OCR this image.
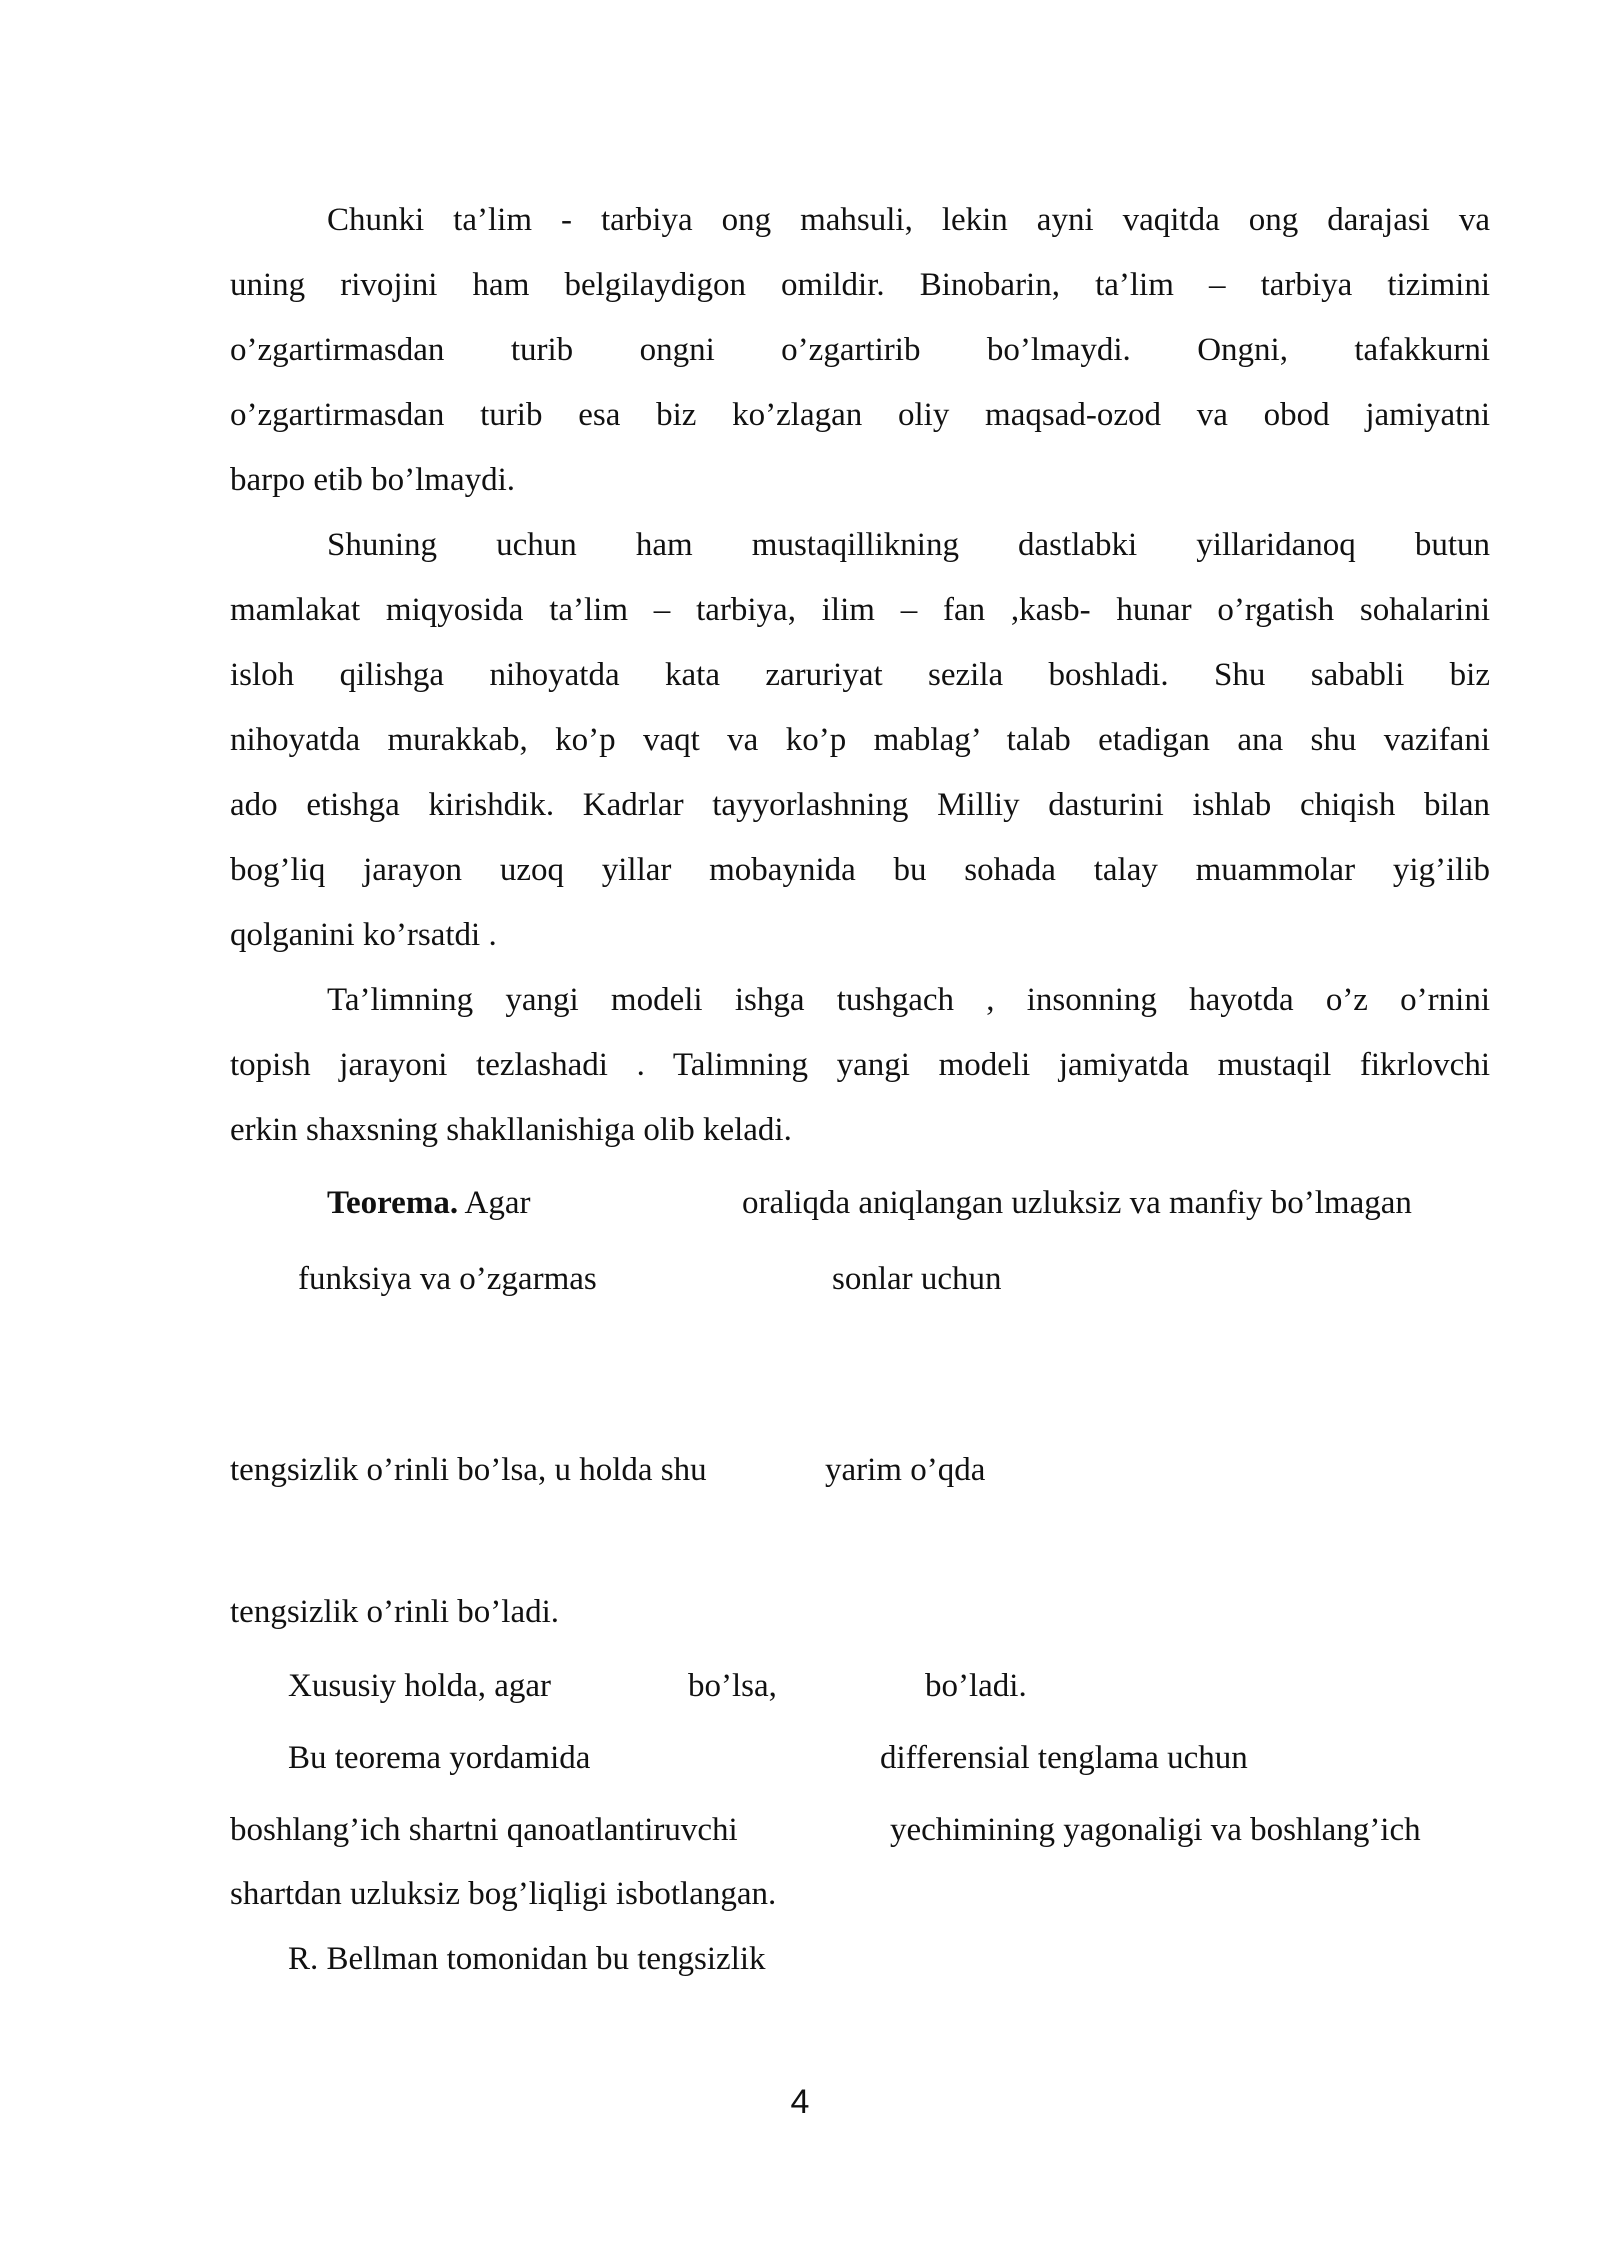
Chunki ta’lim - tarbiya ong mahsuli, lekin ayni vaqitda ong darajasi va
uning rivojini ham belgilaydigon omildir. Binobarin, ta’lim – tarbiya tizimini
o’zgartirmasdan turib ongni o’zgartirib bo’lmaydi. Ongni, tafakkurni
o’zgartirmasdan turib esa biz ko’zlagan oliy maqsad-ozod va obod jamiyatni
barpo etib bo’lmaydi.
Shuning uchun ham mustaqillikning dastlabki yillaridanoq butun
mamlakat miqyosida ta’lim – tarbiya, ilim – fan ,kasb- hunar o’rgatish sohalarini
isloh qilishga nihoyatda kata zaruriyat sezila boshladi. Shu sababli biz
nihoyatda murakkab, ko’p vaqt va ko’p mablag’ talab etadigan ana shu vazifani
ado etishga kirishdik. Kadrlar tayyorlashning Milliy dasturini ishlab chiqish bilan
bog’liq jarayon uzoq yillar mobaynida bu sohada talay muammolar yig’ilib
qolganini ko’rsatdi .
Ta’limning yangi modeli ishga tushgach , insonning hayotda o’z o’rnini
topish jarayoni tezlashadi . Talimning yangi modeli jamiyatda mustaqil fikrlovchi
erkin shaxsning shakllanishiga olib keladi.
Teorema. Agar	oraliqda aniqlangan uzluksiz va manfiy bo’lmagan
funksiya va o’zgarmas	sonlar uchun
tengsizlik o’rinli bo’lsa, u holda shu	yarim o’qda
tengsizlik o’rinli bo’ladi.
Xususiy holda, agar	bo’lsa,	bo’ladi.
Bu teorema yordamida	differensial tenglama uchun
boshlang’ich shartni qanoatlantiruvchi	yechimining yagonaligi va boshlang’ich
shartdan uzluksiz bog’liqligi isbotlangan.
R. Bellman tomonidan bu tengsizlik
4
